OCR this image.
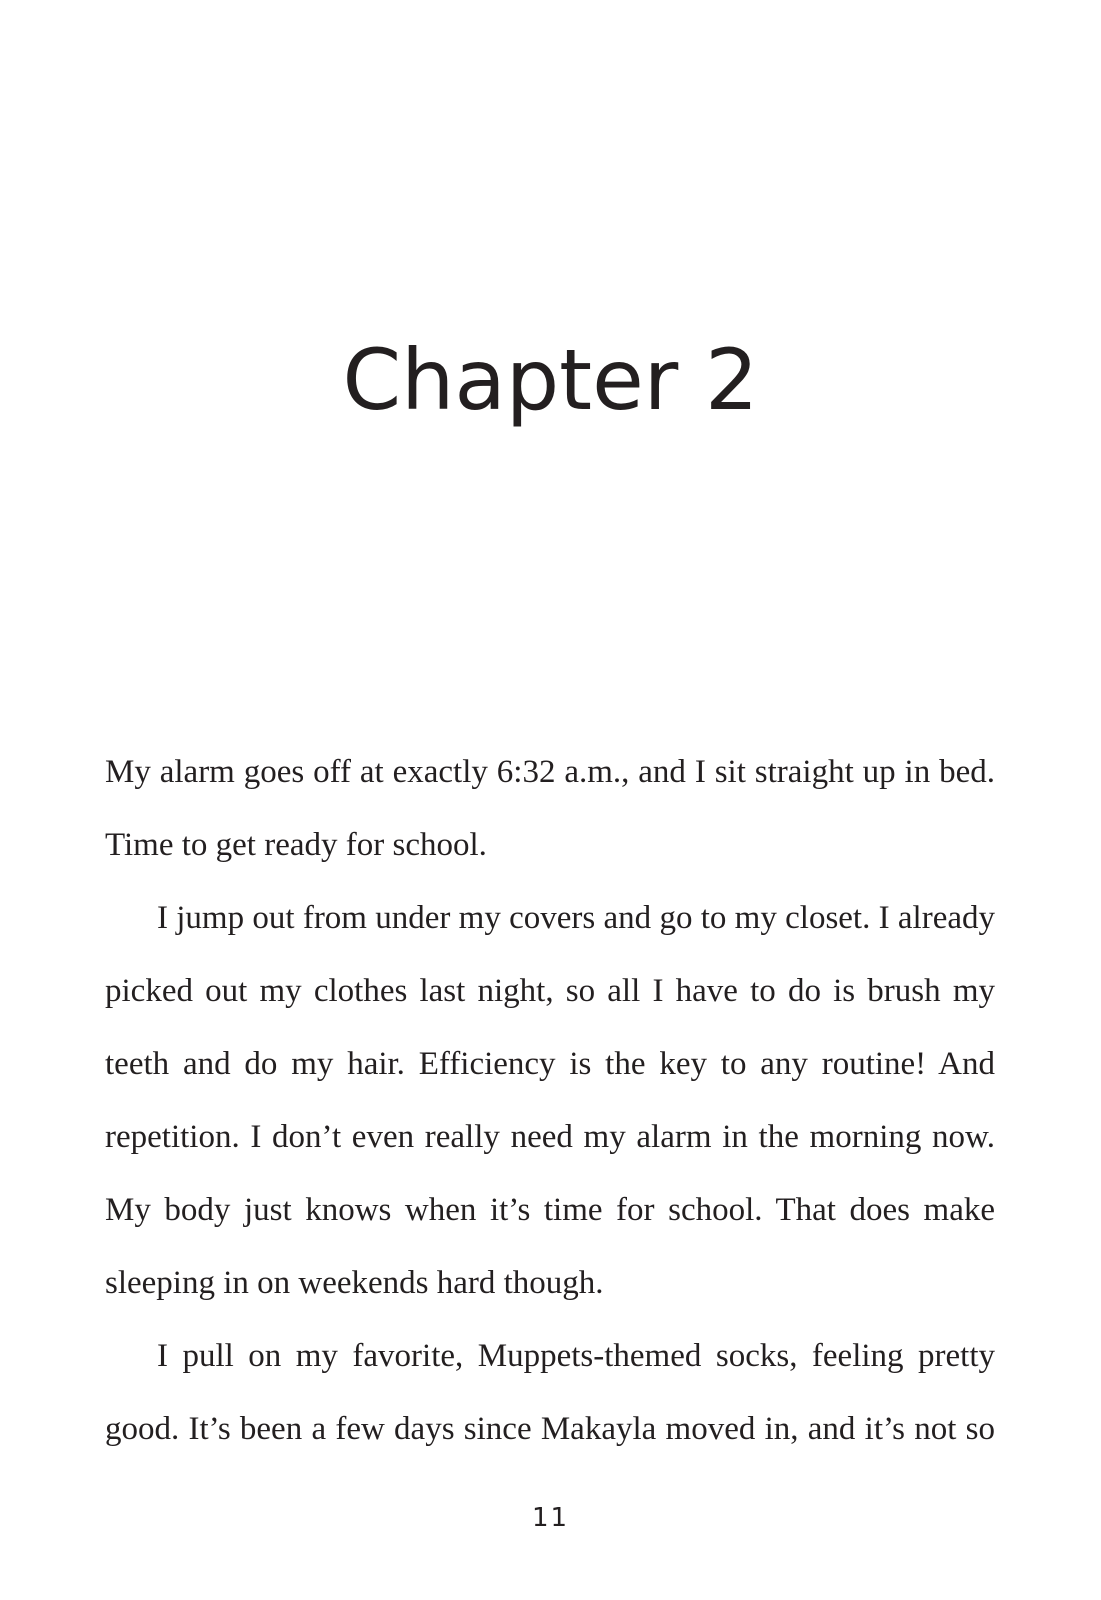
Chapter 2

My alarm goes off at exactly 6:32 a.m., and I sit straight up in bed. Time to get ready for school.

I jump out from under my covers and go to my closet. I already picked out my clothes last night, so all I have to do is brush my teeth and do my hair. Efficiency is the key to any routine! And repetition. I don’t even really need my alarm in the morning now. My body just knows when it’s time for school. That does make sleeping in on weekends hard though.

I pull on my favorite, Muppets-themed socks, feeling pretty good. It’s been a few days since Makayla moved in, and it’s not so

11
